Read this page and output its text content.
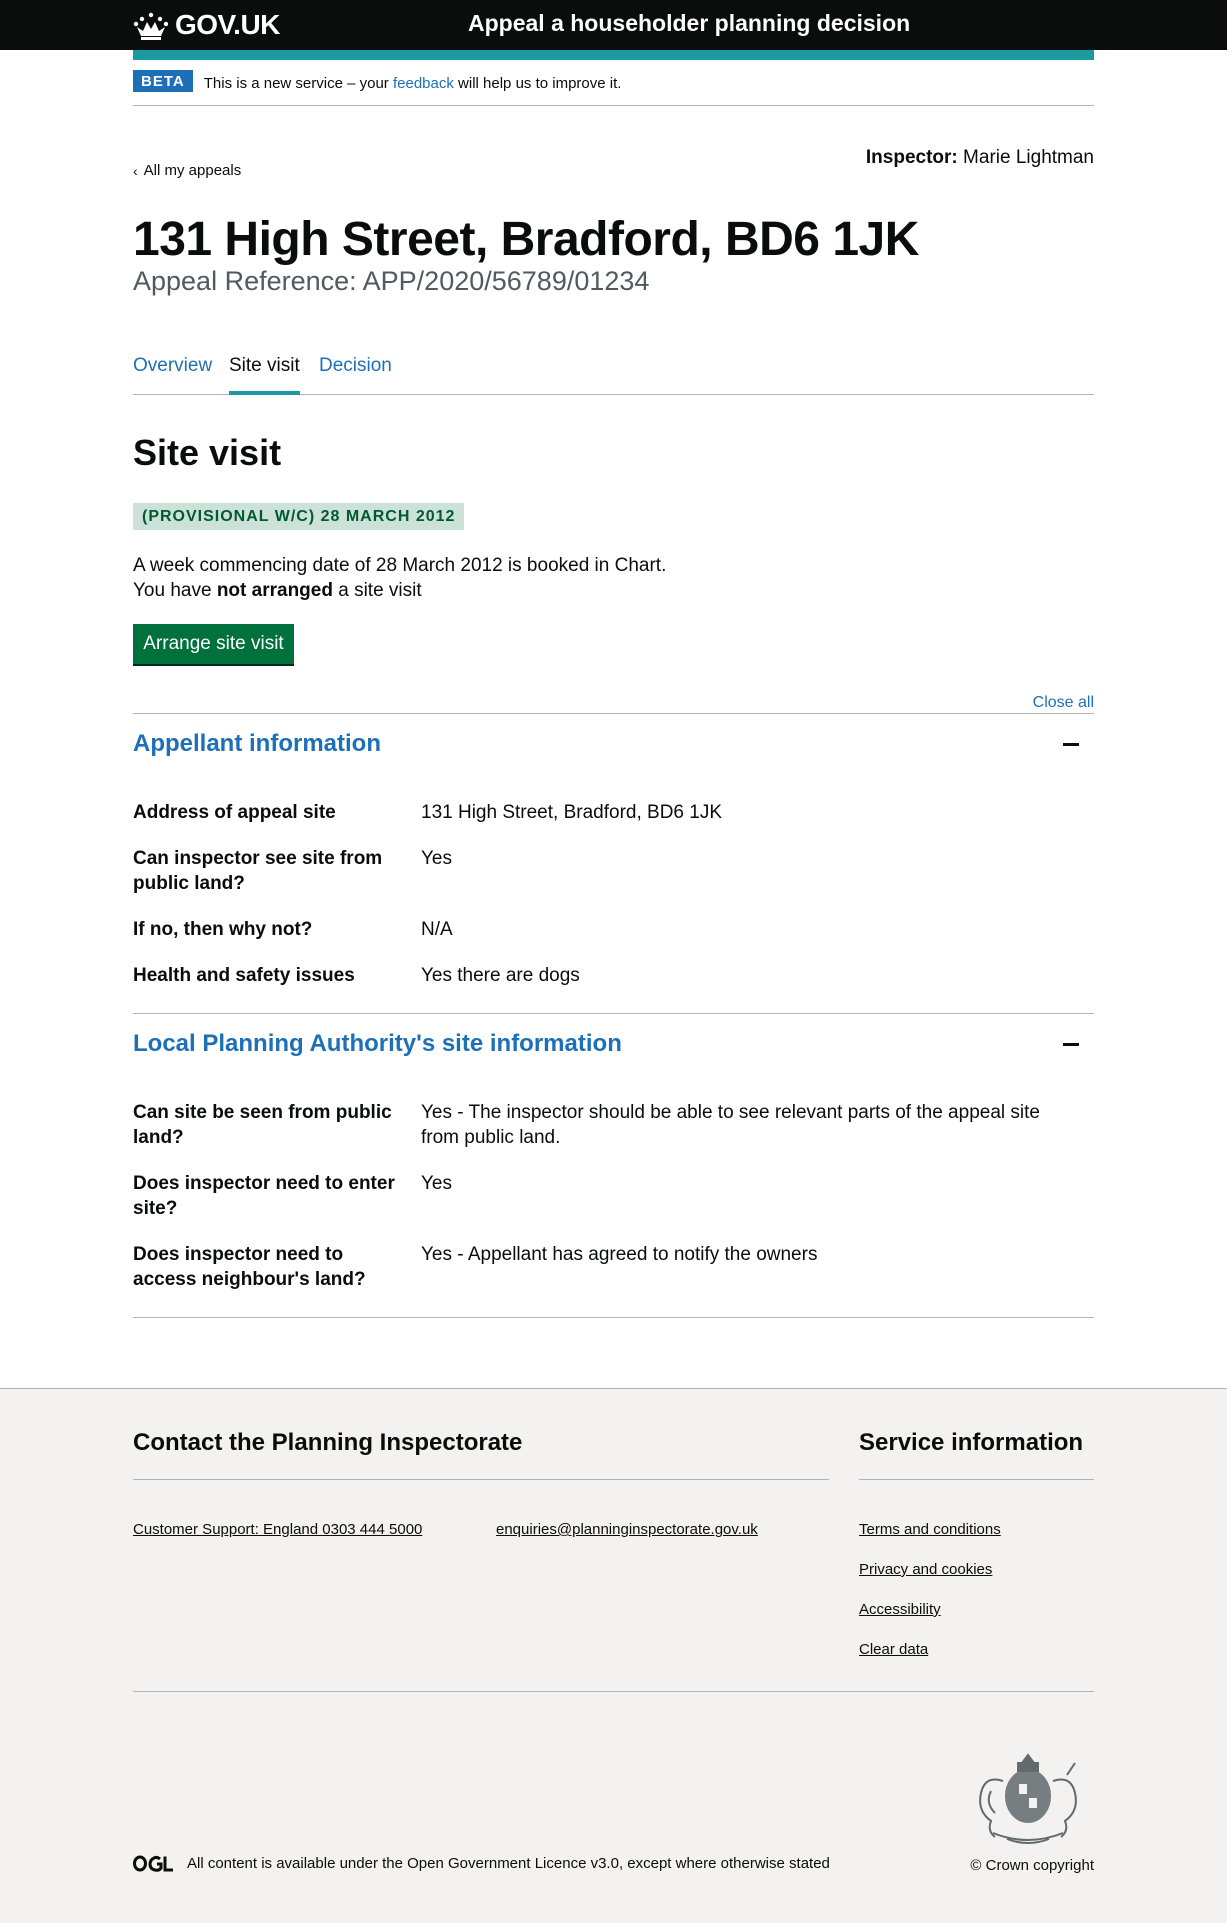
GOV.UK	Appeal a householder planning decision
BETA	This is a new service – your feedback will help us to improve it.
‹ All my appeals
Inspector: Marie Lightman
131 High Street, Bradford, BD6 1JK
Appeal Reference: APP/2020/56789/01234
Overview Site visit Decision
Site visit
(PROVISIONAL W/C) 28 MARCH 2012

A week commencing date of 28 March 2012 is booked in Chart.

You have not arranged a site visit

Arrange site visit
Close all
Appellant information
Address of appeal site	131 High Street, Bradford, BD6 1JK
Can inspector see site from public land?
Yes
If no, then why not?	N/A
Health and safety issues	Yes there are dogs
Local Planning Authority's site information
Can site be seen from public land?
Yes - The inspector should be able to see relevant parts of the appeal site from public land.
Does inspector need to enter site?
Yes
Does inspector need to access neighbour's land?
Yes - Appellant has agreed to notify the owners
Contact the Planning Inspectorate
Customer Support: England 0303 444 5000	enquiries@planninginspectorate.gov.uk
Service information
Terms and conditions
Privacy and cookies
Accessibility
Clear data
All content is available under the Open Government Licence v3.0, except where otherwise stated	© Crown copyright
